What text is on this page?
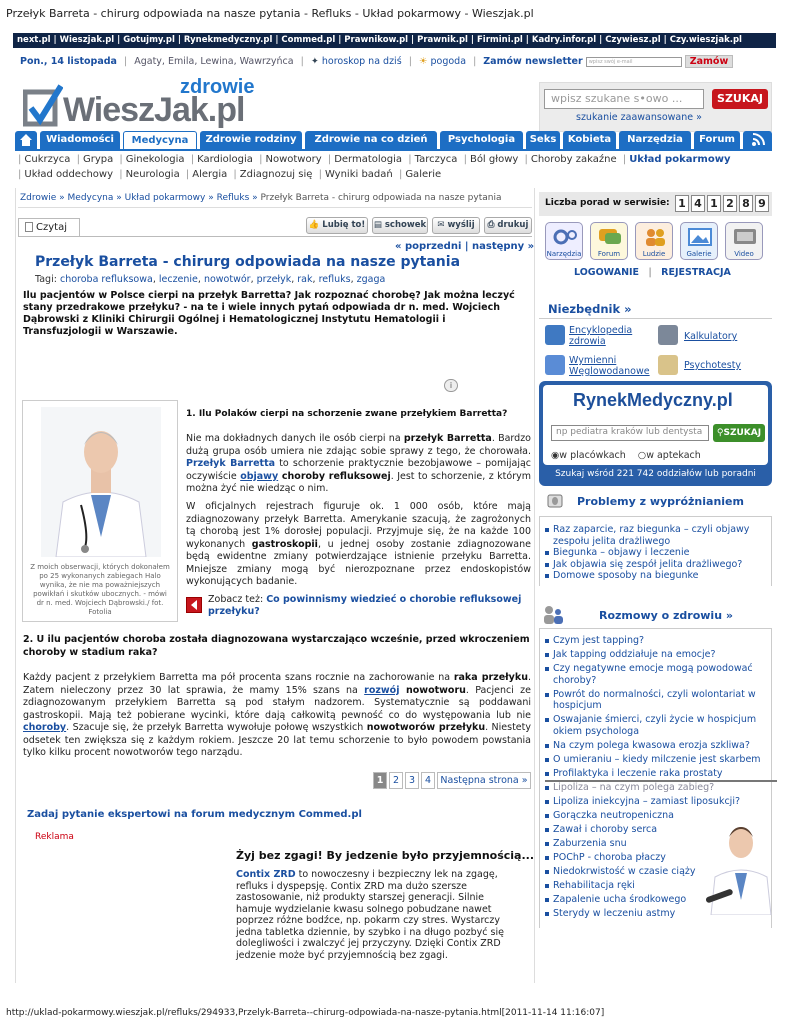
Przełyk Barreta - chirurg odpowiada na nasze pytania - Refluks - Układ pokarmowy - Wieszjak.pl
next.pl | Wieszjak.pl | Gotujmy.pl | Rynekmedyczny.pl | Commed.pl | Prawnikow.pl | Prawnik.pl | Firmini.pl | Kadry.infor.pl | Czywiesz.pl | Czy.wieszjak.pl
Pon., 14 listopada | Agaty, Emila, Lewina, Wawrzyńca | ✦ horoskop na dziś | ☀ pogoda | Zamów newsletter wpisz swój e-mail	Zamów
zdrowie
WieszJak.pl	wpisz szukane s•owo ...	SZUKAJ
szukanie zaawansowane »
Wiadomości	Medycyna	Zdrowie rodziny	Zdrowie na co dzień	Psychologia	Seks	Kobieta	Narzędzia	Forum
| Cukrzyca | Grypa | Ginekologia | Kardiologia | Nowotwory | Dermatologia | Tarczyca | Ból głowy | Choroby zakaźne | Układ pokarmowy
| Układ oddechowy | Neurologia | Alergia | Zdiagnozuj się | Wyniki badań | Galerie
Zdrowie » Medycyna » Układ pokarmowy » Refluks » Przełyk Barreta - chirurg odpowiada na nasze pytania
Czytaj	👍 Lubię to!	▤ schowek	✉ wyślij	⎙ drukuj
« poprzedni | następny »
Przełyk Barreta - chirurg odpowiada na nasze pytania
Tagi: choroba refluksowa, leczenie, nowotwór, przełyk, rak, refluks, zgaga
Ilu pacjentów w Polsce cierpi na przełyk Barretta? Jak rozpoznać chorobę? Jak można leczyć stany przedrakowe przełyku? - na te i wiele innych pytań odpowiada dr n. med. Wojciech Dąbrowski z Kliniki Chirurgii Ogólnej i Hematologicznej Instytutu Hematologii i Transfuzjologii w Warszawie.
i
Z moich obserwacji, których dokonałem po 25 wykonanych zabiegach Halo wynika, że nie ma poważniejszych powikłań i skutków ubocznych. - mówi dr n. med. Wojciech Dąbrowski./ fot. Fotolia
1. Ilu Polaków cierpi na schorzenie zwane przełykiem Barretta?
Nie ma dokładnych danych ile osób cierpi na przełyk Barretta. Bardzo dużą grupa osób umiera nie zdając sobie sprawy z tego, że chorowała. Przełyk Barretta to schorzenie praktycznie bezobjawowe – pomijając oczywiście objawy choroby refluksowej. Jest to schorzenie, z którym można żyć nie wiedząc o nim.
W oficjalnych rejestrach figuruje ok. 1 000 osób, które mają zdiagnozowany przełyk Barretta. Amerykanie szacują, że zagrożonych tą chorobą jest 1% dorosłej populacji. Przyjmuje się, że na każde 100 wykonanych gastroskopii, u jednej osoby zostanie zdiagnozowane będą ewidentne zmiany potwierdzające istnienie przełyku Barretta. Mniejsze zmiany mogą być nierozpoznane przez endoskopistów wykonujących badanie.
Zobacz też: Co powinnismy wiedzieć o chorobie refluksowej przełyku?
2. U ilu pacjentów choroba została diagnozowana wystarczająco wcześnie, przed wkroczeniem choroby w stadium raka?
Każdy pacjent z przełykiem Barretta ma pół procenta szans rocznie na zachorowanie na raka przełyku. Zatem nieleczony przez 30 lat sprawia, że mamy 15% szans na rozwój nowotworu. Pacjenci ze zdiagnozowanym przełykiem Barretta są pod stałym nadzorem. Systematycznie są poddawani gastroskopii. Mają też pobierane wycinki, które dają całkowitą pewność co do występowania lub nie choroby. Szacuje się, że przełyk Barretta wywołuje połowę wszystkich nowotworów przełyku. Niestety odsetek ten zwiększa się z każdym rokiem. Jeszcze 20 lat temu schorzenie to było powodem powstania tylko kilku procent nowotworów tego narządu.
1	2	3	4 Następna strona »
Zadaj pytanie ekspertowi na forum medycznym Commed.pl
Reklama
Żyj bez zgagi! By jedzenie było przyjemnością...
Contix ZRD to nowoczesny i bezpieczny lek na zgagę, refluks i dyspepsję. Contix ZRD ma dużo szersze zastosowanie, niż produkty starszej generacji. Silnie hamuje wydzielanie kwasu solnego pobudzane nawet poprzez różne bodźce, np. pokarm czy stres. Wystarczy jedna tabletka dziennie, by szybko i na długo pozbyć się dolegliwości i zwalczyć jej przyczyny. Dzięki Contix ZRD jedzenie może być przyjemnością bez zgagi.
Liczba porad w serwisie: 1 4 1 2 8 9
Narzędzia	Forum	Ludzie	Galerie	Video
LOGOWANIE | REJESTRACJA
Niezbędnik »
Encyklopedia zdrowia	Kalkulatory
Wymienni Węglowodanowe
Psychotesty
RynekMedyczny.pl
np pediatra kraków lub dentysta	⚲SZUKAJ
◉w placówkach ○w aptekach
Szukaj wśród 221 742 oddziałów lub poradni
Problemy z wypróżnianiem
Raz zaparcie, raz biegunka – czyli objawy zespołu jelita drażliwego
Biegunka – objawy i leczenie
Jak objawia się zespół jelita drażliwego?
Domowe sposoby na biegunke
Rozmowy o zdrowiu »
Czym jest tapping?
Jak tapping oddziałuje na emocje?
Czy negatywne emocje mogą powodować choroby?
Powrót do normalności, czyli wolontariat w hospicjum
Oswajanie śmierci, czyli życie w hospicjum okiem psychologa
Na czym polega kwasowa erozja szkliwa?
O umieraniu – kiedy milczenie jest skarbem
Profilaktyka i leczenie raka prostaty
Lipoliza – na czym polega zabieg?
Lipoliza iniekcyjna – zamiast liposukcji?
Gorączka neutropeniczna
Zawał i choroby serca
Zaburzenia snu
POChP - choroba płaczy
Niedokrwistość w czasie ciąży
Rehabilitacja ręki
Zapalenie ucha środkowego
Sterydy w leczeniu astmy
http://uklad-pokarmowy.wieszjak.pl/refluks/294933,Przelyk-Barreta--chirurg-odpowiada-na-nasze-pytania.html[2011-11-14 11:16:07]
